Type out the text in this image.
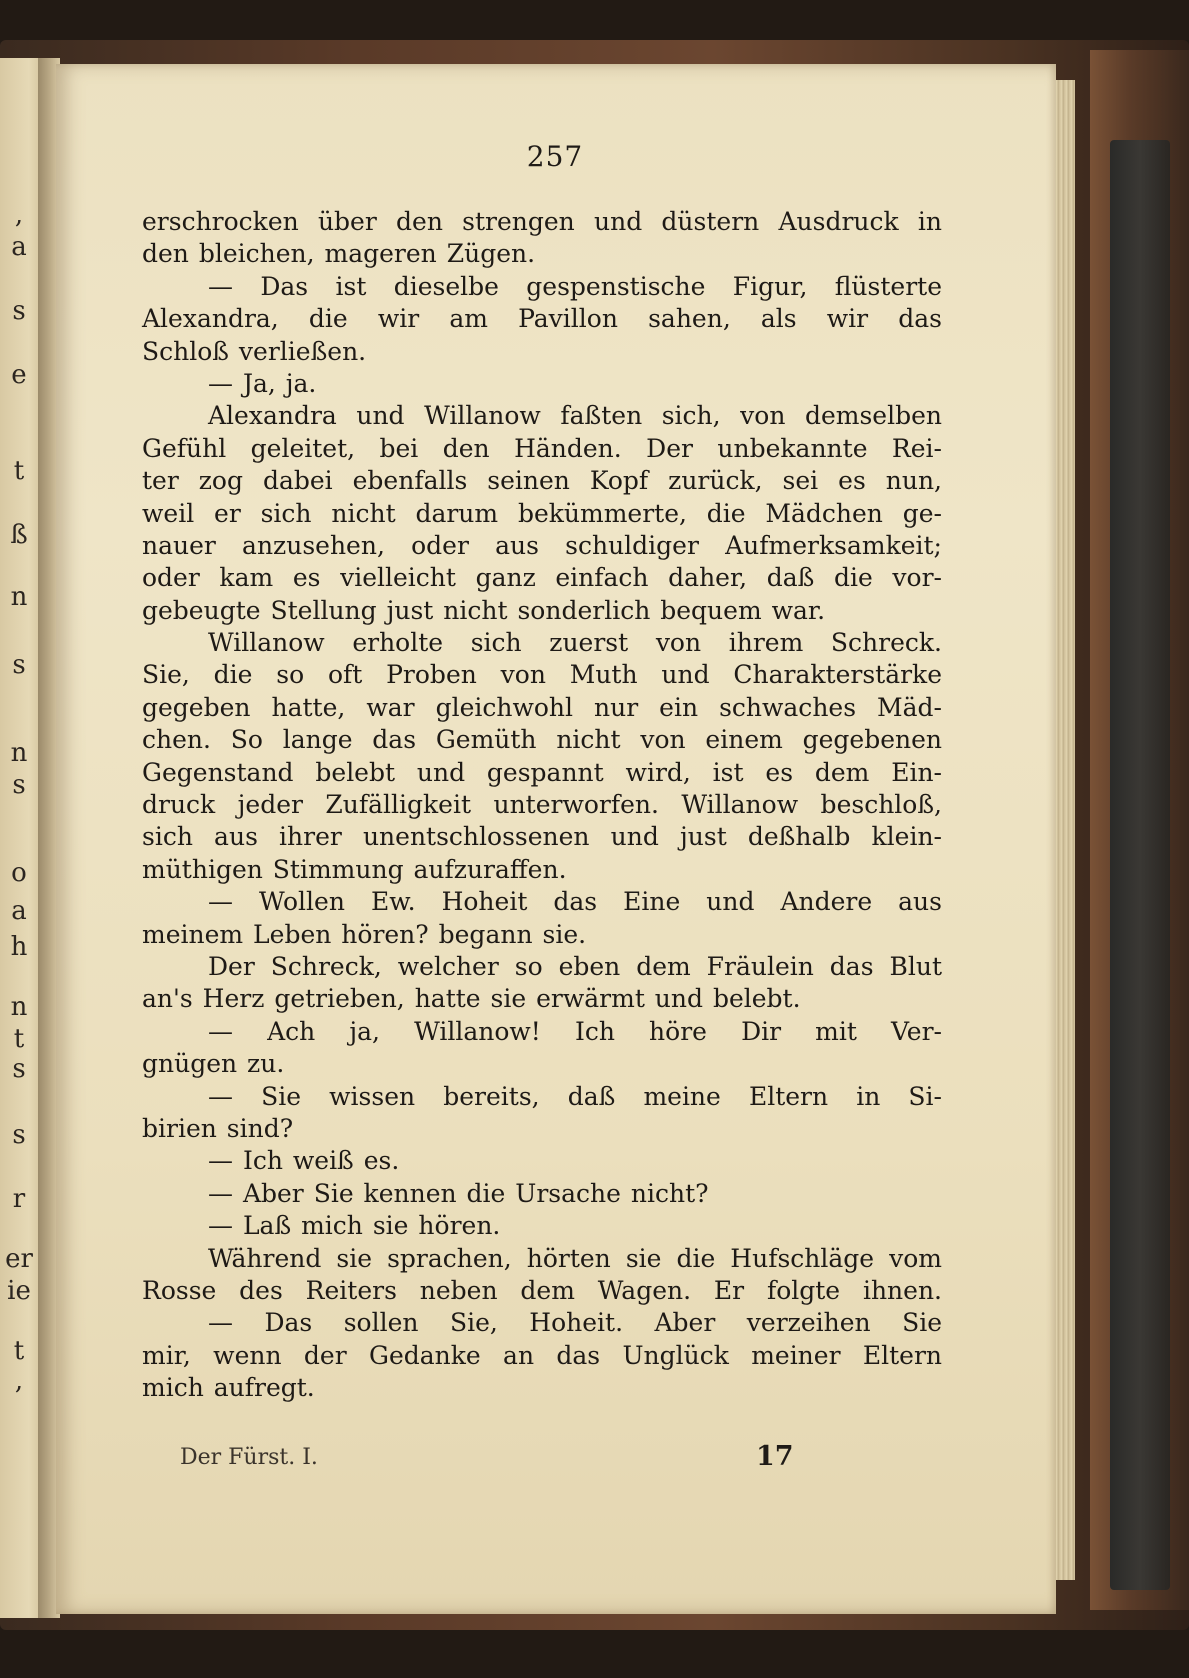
,
a
s
e
t
ß
n
s
n
s
o
a
h
n
t
s
s
r
er
ie
t
,
257
erschrocken über den strengen und düstern Ausdruck in
den bleichen, mageren Zügen.
— Das ist dieselbe gespenstische Figur, flüsterte
Alexandra, die wir am Pavillon sahen, als wir das
Schloß verließen.
— Ja, ja.
Alexandra und Willanow faßten sich, von demselben
Gefühl geleitet, bei den Händen. Der unbekannte Rei-
ter zog dabei ebenfalls seinen Kopf zurück, sei es nun,
weil er sich nicht darum bekümmerte, die Mädchen ge-
nauer anzusehen, oder aus schuldiger Aufmerksamkeit;
oder kam es vielleicht ganz einfach daher, daß die vor-
gebeugte Stellung just nicht sonderlich bequem war.
Willanow erholte sich zuerst von ihrem Schreck.
Sie, die so oft Proben von Muth und Charakterstärke
gegeben hatte, war gleichwohl nur ein schwaches Mäd-
chen. So lange das Gemüth nicht von einem gegebenen
Gegenstand belebt und gespannt wird, ist es dem Ein-
druck jeder Zufälligkeit unterworfen. Willanow beschloß,
sich aus ihrer unentschlossenen und just deßhalb klein-
müthigen Stimmung aufzuraffen.
— Wollen Ew. Hoheit das Eine und Andere aus
meinem Leben hören? begann sie.
Der Schreck, welcher so eben dem Fräulein das Blut
an's Herz getrieben, hatte sie erwärmt und belebt.
— Ach ja, Willanow! Ich höre Dir mit Ver-
gnügen zu.
— Sie wissen bereits, daß meine Eltern in Si-
birien sind?
— Ich weiß es.
— Aber Sie kennen die Ursache nicht?
— Laß mich sie hören.
Während sie sprachen, hörten sie die Hufschläge vom
Rosse des Reiters neben dem Wagen. Er folgte ihnen.
— Das sollen Sie, Hoheit. Aber verzeihen Sie
mir, wenn der Gedanke an das Unglück meiner Eltern
mich aufregt.
Der Fürst. I.	17
